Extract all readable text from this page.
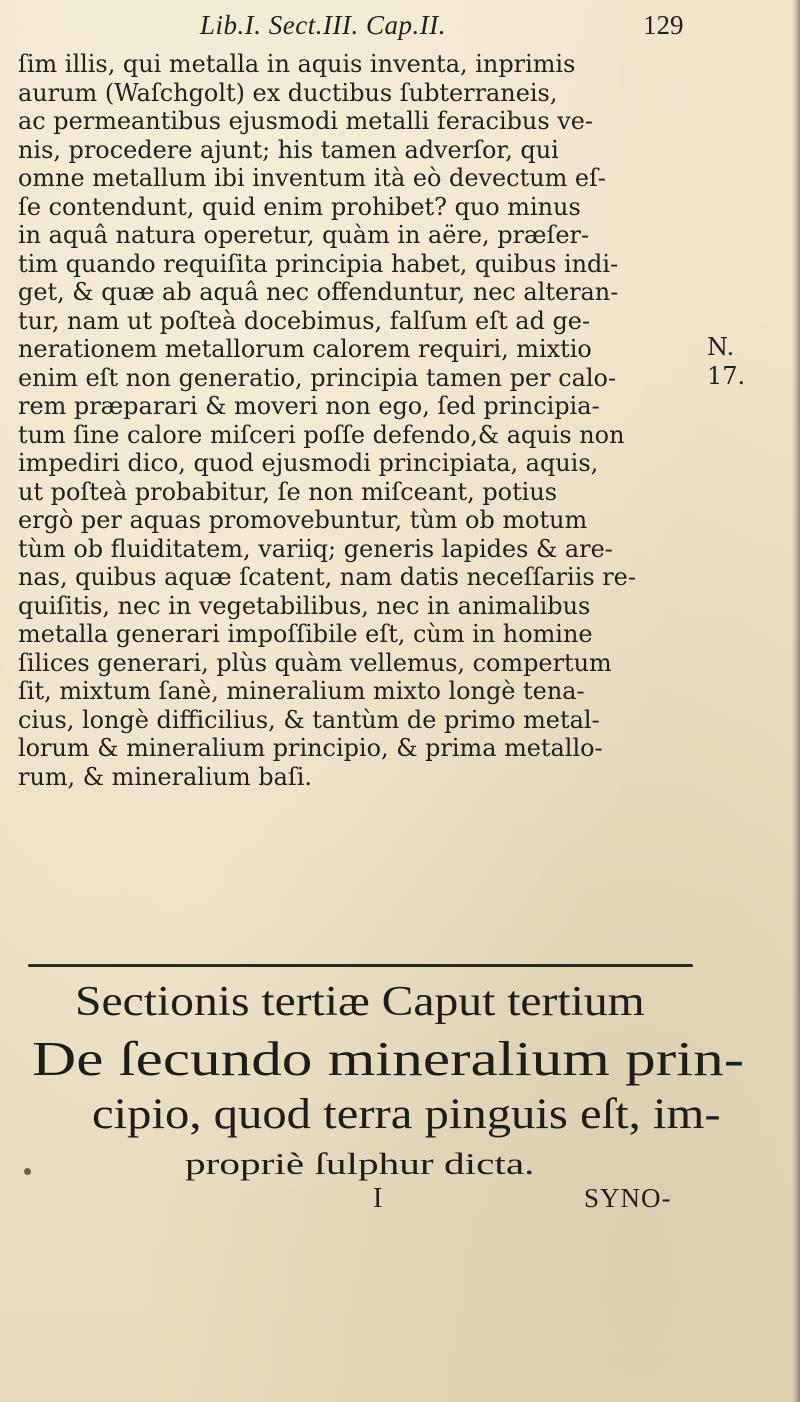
Lib.I. Sect.III. Cap.II.	129
ſim illis, qui metalla in aquis inventa, inprimis
aurum (Waſchgolt) ex ductibus ſubterraneis,
ac permeantibus ejusmodi metalli feracibus ve-
nis, procedere ajunt; his tamen adverſor, qui
omne metallum ibi inventum ità eò devectum eſ-
ſe contendunt, quid enim prohibet? quo minus
in aquâ natura operetur, quàm in aëre, præſer-
tim quando requiſita principia habet, quibus indi-
get, & quæ ab aquâ nec offenduntur, nec alteran-
tur, nam ut poſteà docebimus, falſum eſt ad ge-
nerationem metallorum calorem requiri, mixtio
enim eſt non generatio, principia tamen per calo-
rem præparari & moveri non ego, ſed principia-
tum ſine calore miſceri poſſe defendo,& aquis non
impediri dico, quod ejusmodi principiata, aquis,
ut poſteà probabitur, ſe non miſceant, potius
ergò per aquas promovebuntur, tùm ob motum
tùm ob fluiditatem, variiq; generis lapides & are-
nas, quibus aquæ ſcatent, nam datis neceſſariis re-
quiſitis, nec in vegetabilibus, nec in animalibus
metalla generari impoſſibile eſt, cùm in homine
ſilices generari, plùs quàm vellemus, compertum
ſit, mixtum ſanè, mineralium mixto longè tena-
cius, longè difficilius, & tantùm de primo metal-
lorum & mineralium principio, & prima metallo-
rum, & mineralium baſi.
N.
17.
Sectionis tertiæ Caput tertium
De ſecundo mineralium prin-
cipio, quod terra pinguis eſt, im-
propriè ſulphur dicta.
I	SYNO-
